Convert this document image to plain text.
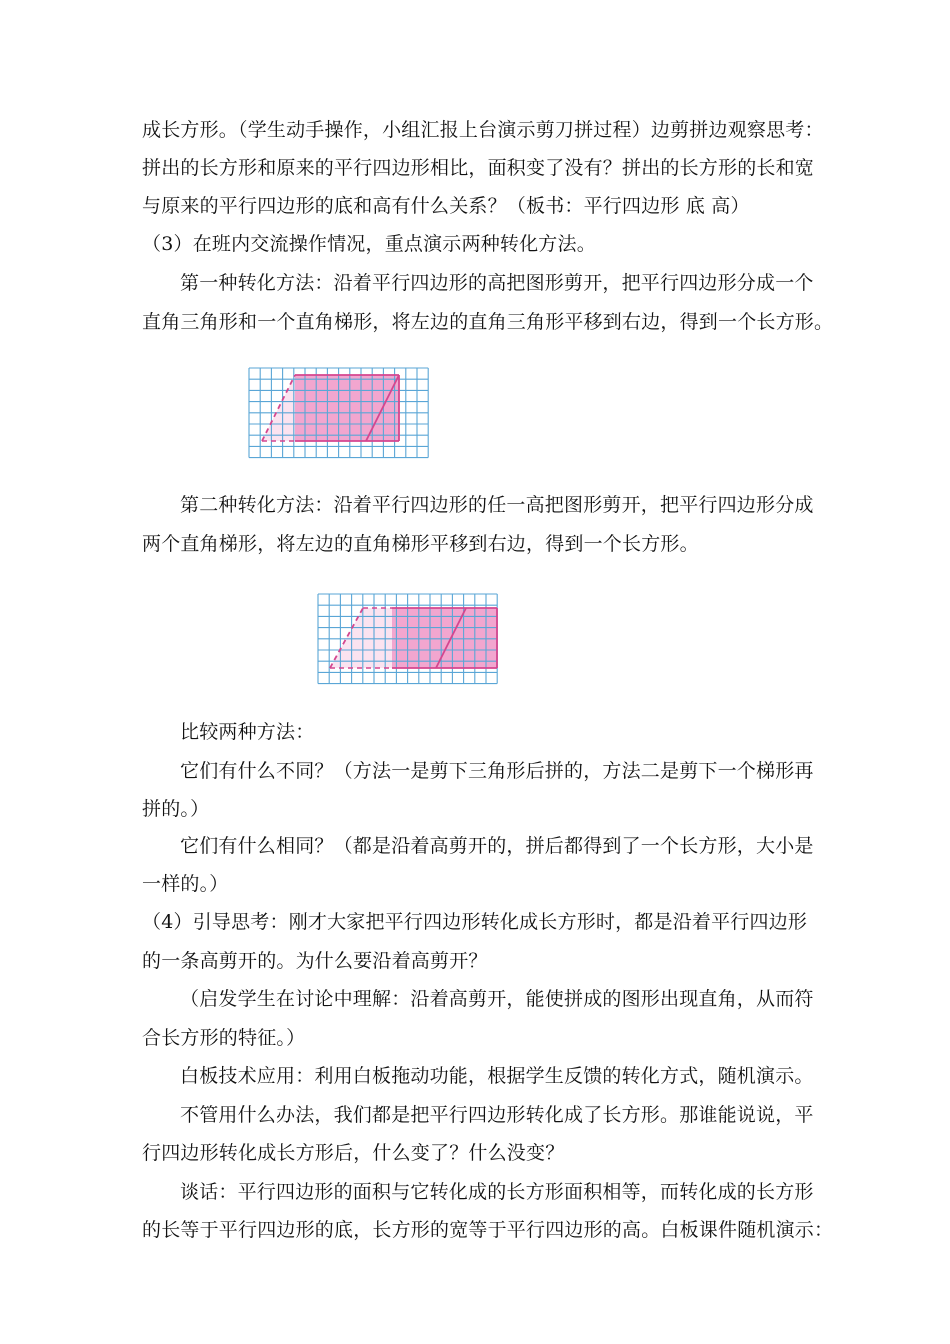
成长方形。（学生动手操作，小组汇报上台演示剪刀拼过程）边剪拼边观察思考：
拼出的长方形和原来的平行四边形相比，面积变了没有？拼出的长方形的长和宽
与原来的平行四边形的底和高有什么关系？（板书：平行四边形 底 高）
（3）在班内交流操作情况，重点演示两种转化方法。
第一种转化方法：沿着平行四边形的高把图形剪开，把平行四边形分成一个
直角三角形和一个直角梯形，将左边的直角三角形平移到右边，得到一个长方形。
第二种转化方法：沿着平行四边形的任一高把图形剪开，把平行四边形分成
两个直角梯形，将左边的直角梯形平移到右边，得到一个长方形。
比较两种方法：
它们有什么不同？（方法一是剪下三角形后拼的，方法二是剪下一个梯形再
拼的。）
它们有什么相同？（都是沿着高剪开的，拼后都得到了一个长方形，大小是
一样的。）
（4）引导思考：刚才大家把平行四边形转化成长方形时，都是沿着平行四边形
的一条高剪开的。为什么要沿着高剪开？
（启发学生在讨论中理解：沿着高剪开，能使拼成的图形出现直角，从而符
合长方形的特征。）
白板技术应用：利用白板拖动功能，根据学生反馈的转化方式，随机演示。
不管用什么办法，我们都是把平行四边形转化成了长方形。那谁能说说，平
行四边形转化成长方形后，什么变了？什么没变？
谈话：平行四边形的面积与它转化成的长方形面积相等，而转化成的长方形
的长等于平行四边形的底，长方形的宽等于平行四边形的高。白板课件随机演示：
